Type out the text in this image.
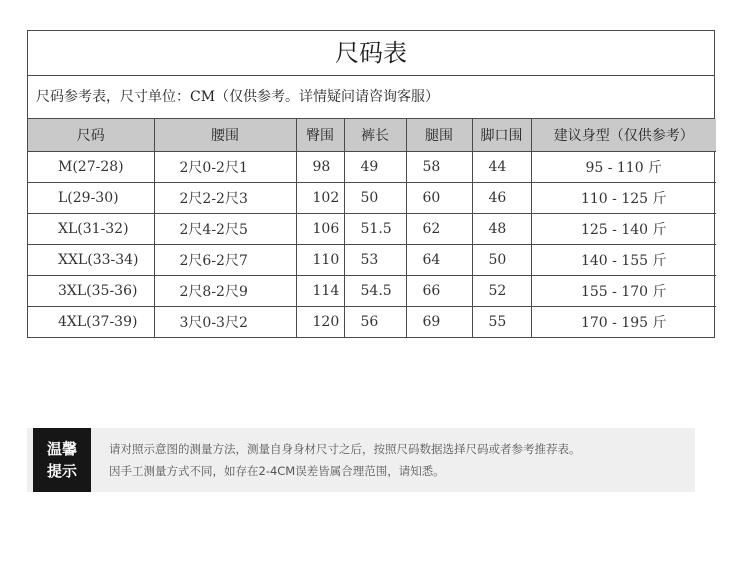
尺码表
尺码参考表，尺寸单位：CM（仅供参考。详情疑问请咨询客服）
尺码	腰围	臀围	裤长	腿围	脚口围	建议身型（仅供参考）
M(27-28)	2尺0-2尺1	98	49	58	44	95 - 110 斤
L(29-30)	2尺2-2尺3	102	50	60	46	110 - 125 斤
XL(31-32)	2尺4-2尺5	106	51.5	62	48	125 - 140 斤
XXL(33-34)	2尺6-2尺7	110	53	64	50	140 - 155 斤
3XL(35-36)	2尺8-2尺9	114	54.5	66	52	155 - 170 斤
4XL(37-39)	3尺0-3尺2	120	56	69	55	170 - 195 斤
温馨
提示
请对照示意图的测量方法，测量自身身材尺寸之后，按照尺码数据选择尺码或者参考推荐表。
因手工测量方式不同，如存在2-4CM误差皆属合理范围，请知悉。
